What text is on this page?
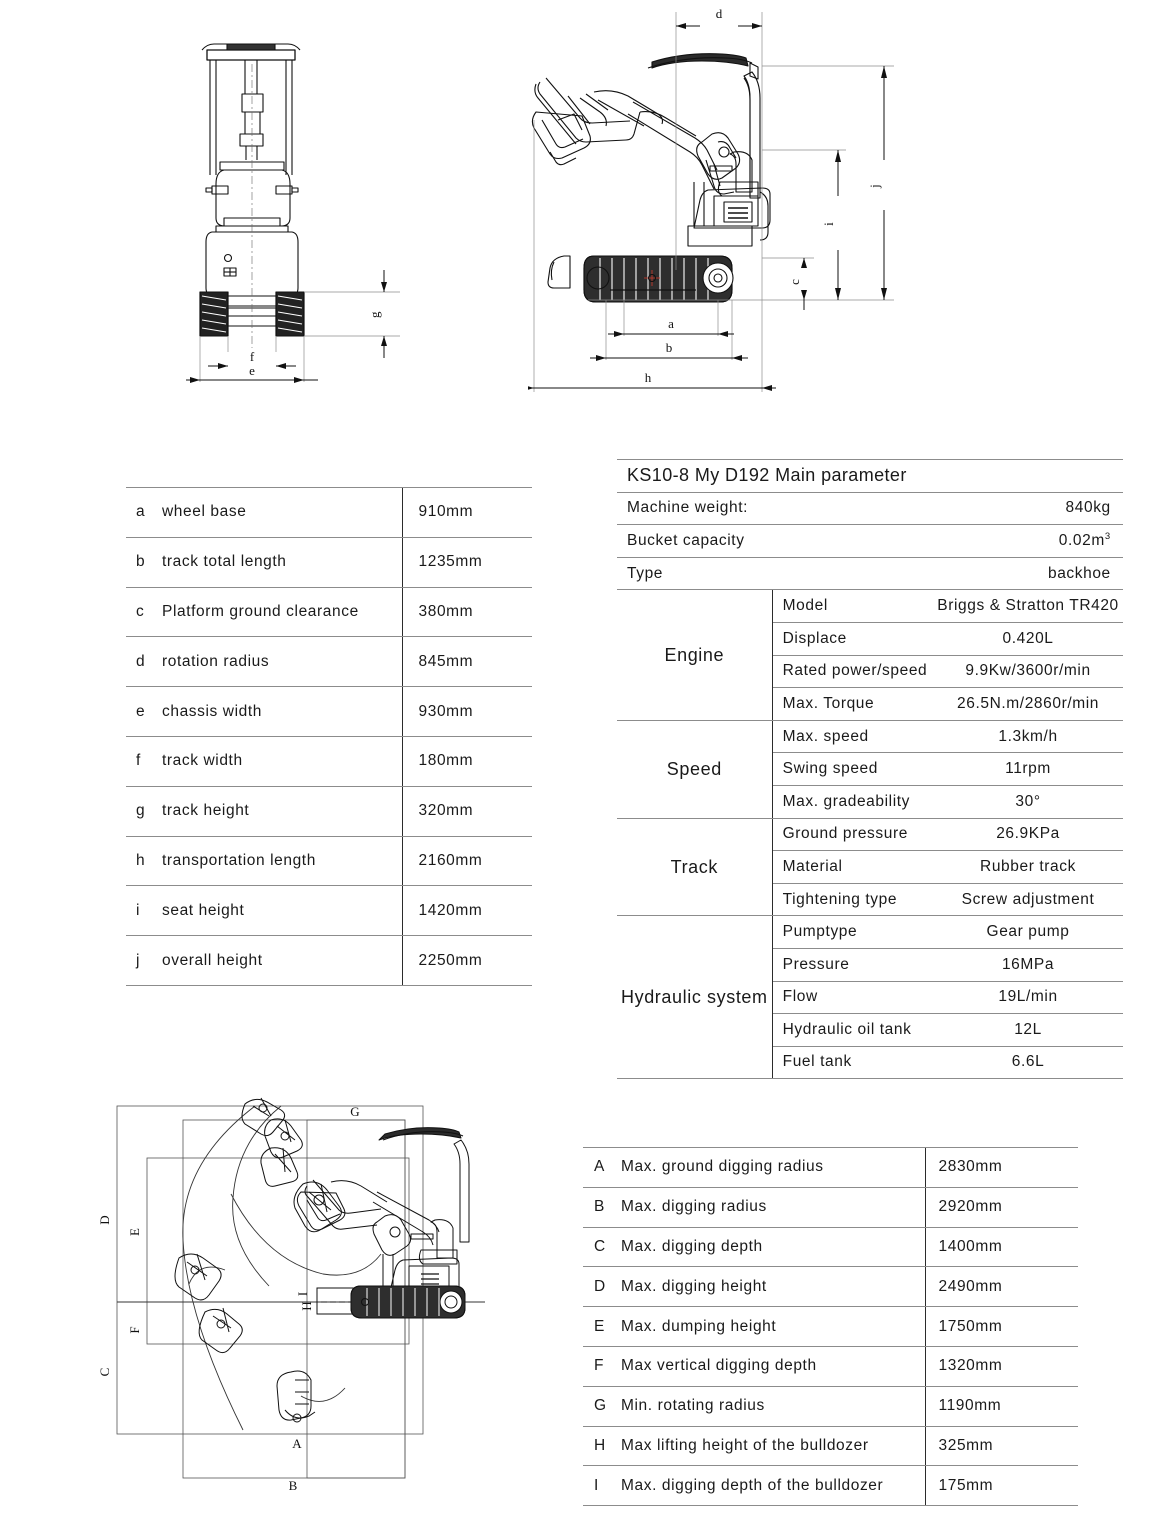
g
f
e
d
j
i
c
a
b
h
D
E
F
C
G
H
I
A
B
a	wheel base	910mm
b	track total length	1235mm
c	Platform ground clearance	380mm
d	rotation radius	845mm
e	chassis width	930mm
f	track width	180mm
g	track height	320mm
h	transportation length	2160mm
i	seat height	1420mm
j	overall height	2250mm
KS10-8 My D192 Main parameter		
Machine weight:		840kg
Bucket capacity		$0.02m^3$
Type		backhoe
Engine	Model	Briggs & Stratton TR420
	Displace	0.420L
	Rated power/speed	9.9Kw/3600r/min
	Max. Torque	26.5N.m/2860r/min
Speed	Max. speed	1.3km/h
	Swing speed	11rpm
	Max. gradeability	30°
Track	Ground pressure	26.9KPa
	Material	Rubber track
	Tightening type	Screw adjustment
Hydraulic system	Pumptype	Gear pump
	Pressure	16MPa
	Flow	19L/min
	Hydraulic oil tank	12L
	Fuel tank	6.6L
A	Max. ground digging radius	2830mm
B	Max. digging radius	2920mm
C	Max. digging depth	1400mm
D	Max. digging height	2490mm
E	Max. dumping height	1750mm
F	Max vertical digging depth	1320mm
G	Min. rotating radius	1190mm
H	Max lifting height of the bulldozer	325mm
I	Max. digging depth of the bulldozer	175mm
